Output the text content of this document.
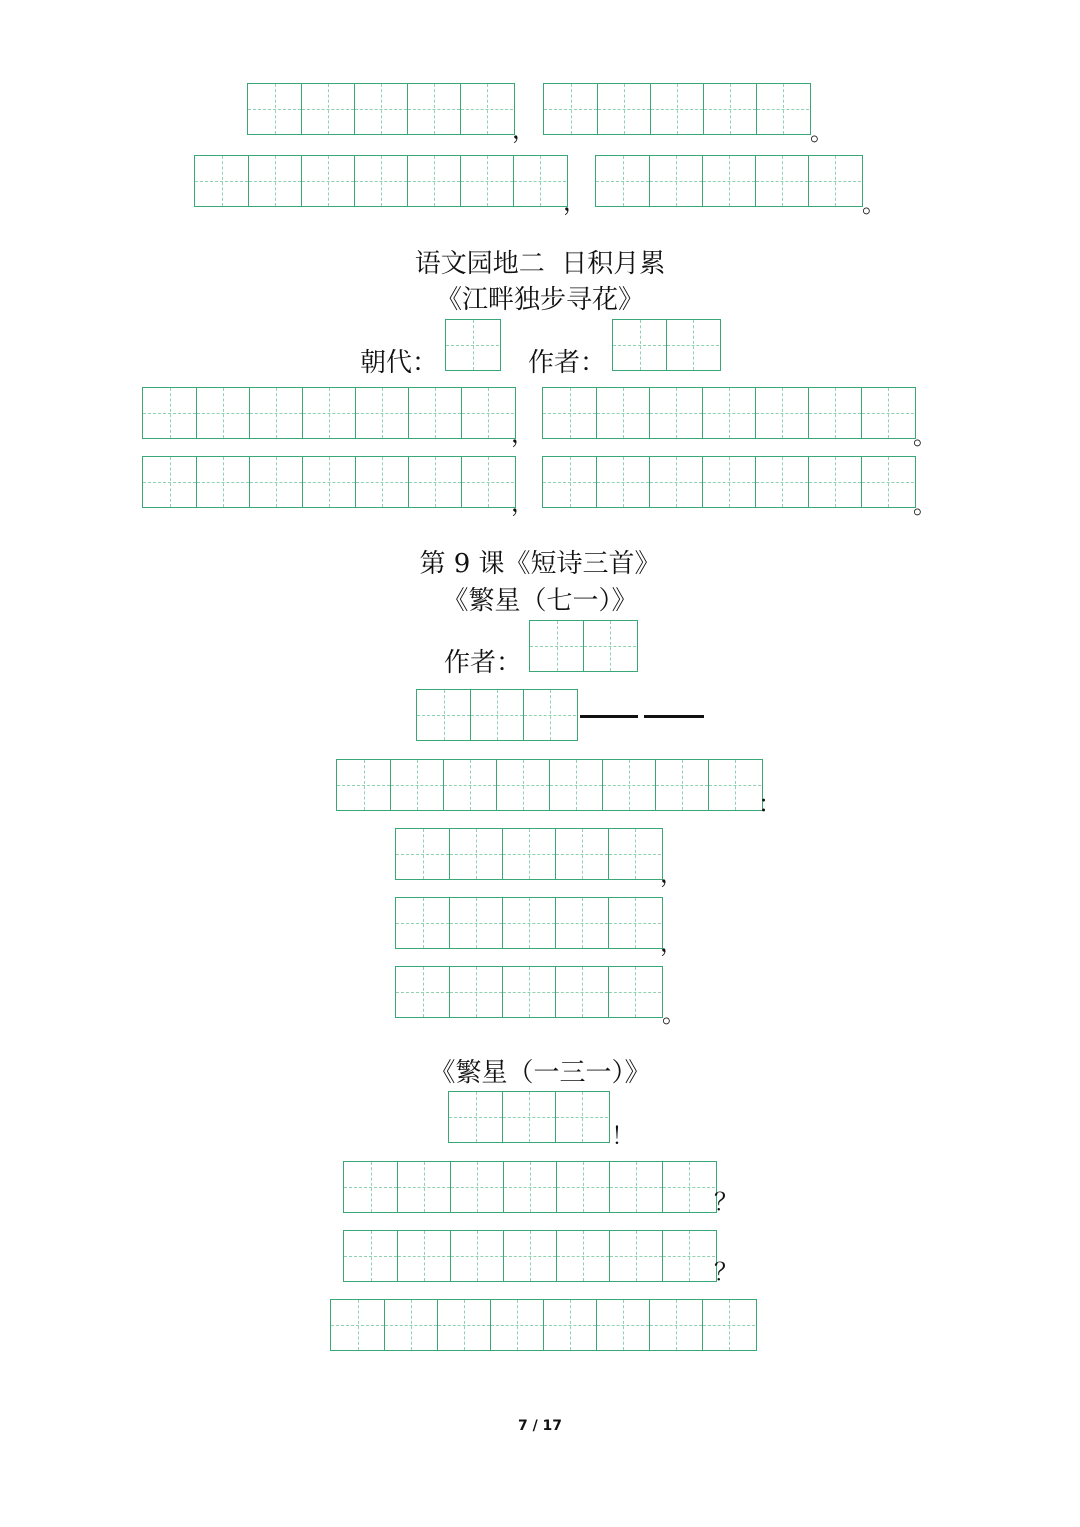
，	。
，	。
语文园地二  日积月累
《江畔独步寻花》
朝代：	作者：
，	。
，	。
第 9 课《短诗三首》
《繁星（七一）》
作者：
：
，
，
。
《繁星（一三一）》
！
？
？
7 / 17
